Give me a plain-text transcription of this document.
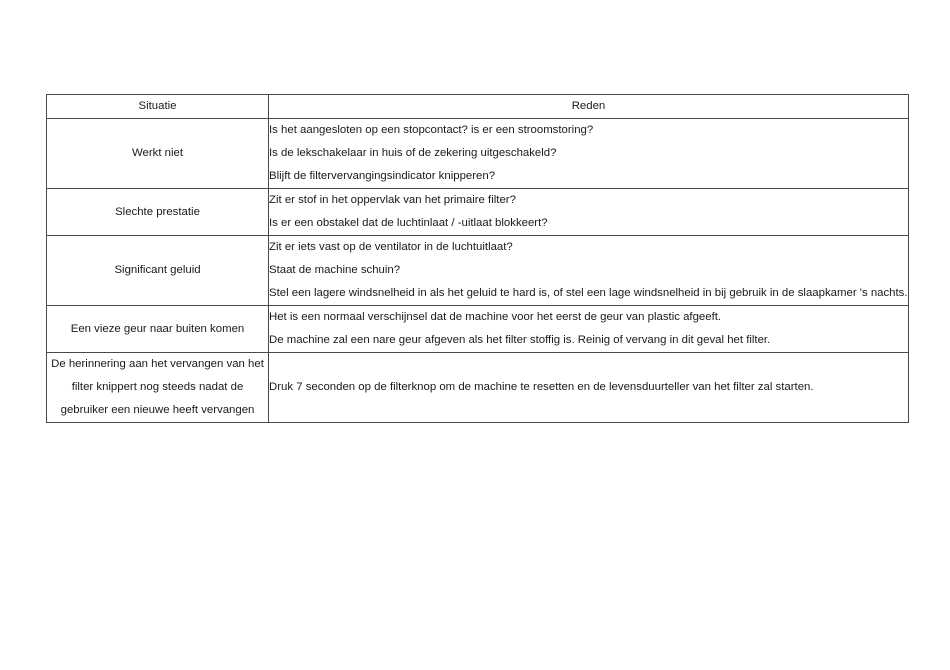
Situatie	Reden

Werkt niet	Is het aangesloten op een stopcontact? is er een stroomstoring?
Is de lekschakelaar in huis of de zekering uitgeschakeld?
Blijft de filtervervangingsindicator knipperen?

Slechte prestatie	Zit er stof in het oppervlak van het primaire filter?
Is er een obstakel dat de luchtinlaat / -uitlaat blokkeert?

Significant geluid	Zit er iets vast op de ventilator in de luchtuitlaat?
Staat de machine schuin?
Stel een lagere windsnelheid in als het geluid te hard is, of stel een lage windsnelheid in bij gebruik in de slaapkamer 's nachts.

Een vieze geur naar buiten komen	Het is een normaal verschijnsel dat de machine voor het eerst de geur van plastic afgeeft.
De machine zal een nare geur afgeven als het filter stoffig is. Reinig of vervang in dit geval het filter.

De herinnering aan het vervangen van het filter knippert nog steeds nadat de gebruiker een nieuwe heeft vervangen	Druk 7 seconden op de filterknop om de machine te resetten en de levensduurteller van het filter zal starten.
